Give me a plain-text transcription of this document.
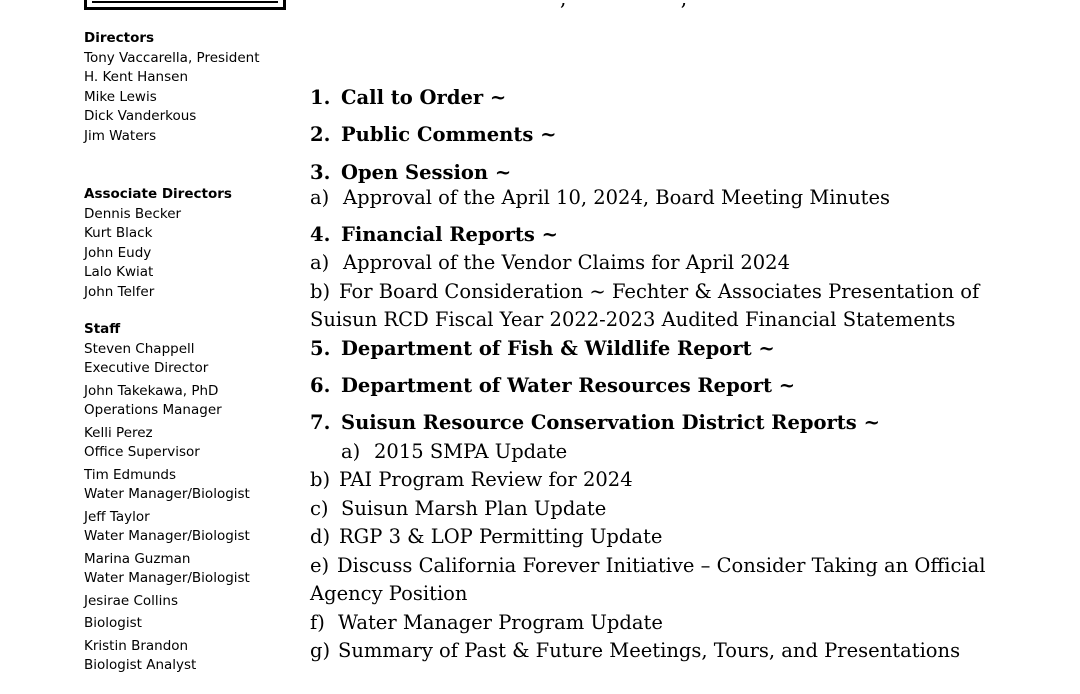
Directors
Tony Vaccarella, President
H. Kent Hansen
Mike Lewis
Dick Vanderkous
Jim Waters
Associate Directors
Dennis Becker
Kurt Black
John Eudy
Lalo Kwiat
John Telfer
Staff
Steven Chappell
Executive Director
John Takekawa, PhD
Operations Manager
Kelli Perez
Office Supervisor
Tim Edmunds
Water Manager/Biologist
Jeff Taylor
Water Manager/Biologist
Marina Guzman
Water Manager/Biologist
Jesirae Collins
Biologist
Kristin Brandon
Biologist Analyst
1. Call to Order ~
2. Public Comments ~
3. Open Session ~
a) Approval of the April 10, 2024, Board Meeting Minutes
4. Financial Reports ~
a) Approval of the Vendor Claims for April 2024
b) For Board Consideration ~ Fechter & Associates Presentation of
Suisun RCD Fiscal Year 2022-2023 Audited Financial Statements
5. Department of Fish & Wildlife Report ~
6. Department of Water Resources Report ~
7. Suisun Resource Conservation District Reports ~
a) 2015 SMPA Update
b) PAI Program Review for 2024
c) Suisun Marsh Plan Update
d) RGP 3 & LOP Permitting Update
e) Discuss California Forever Initiative – Consider Taking an Official
Agency Position
f) Water Manager Program Update
g) Summary of Past & Future Meetings, Tours, and Presentations
